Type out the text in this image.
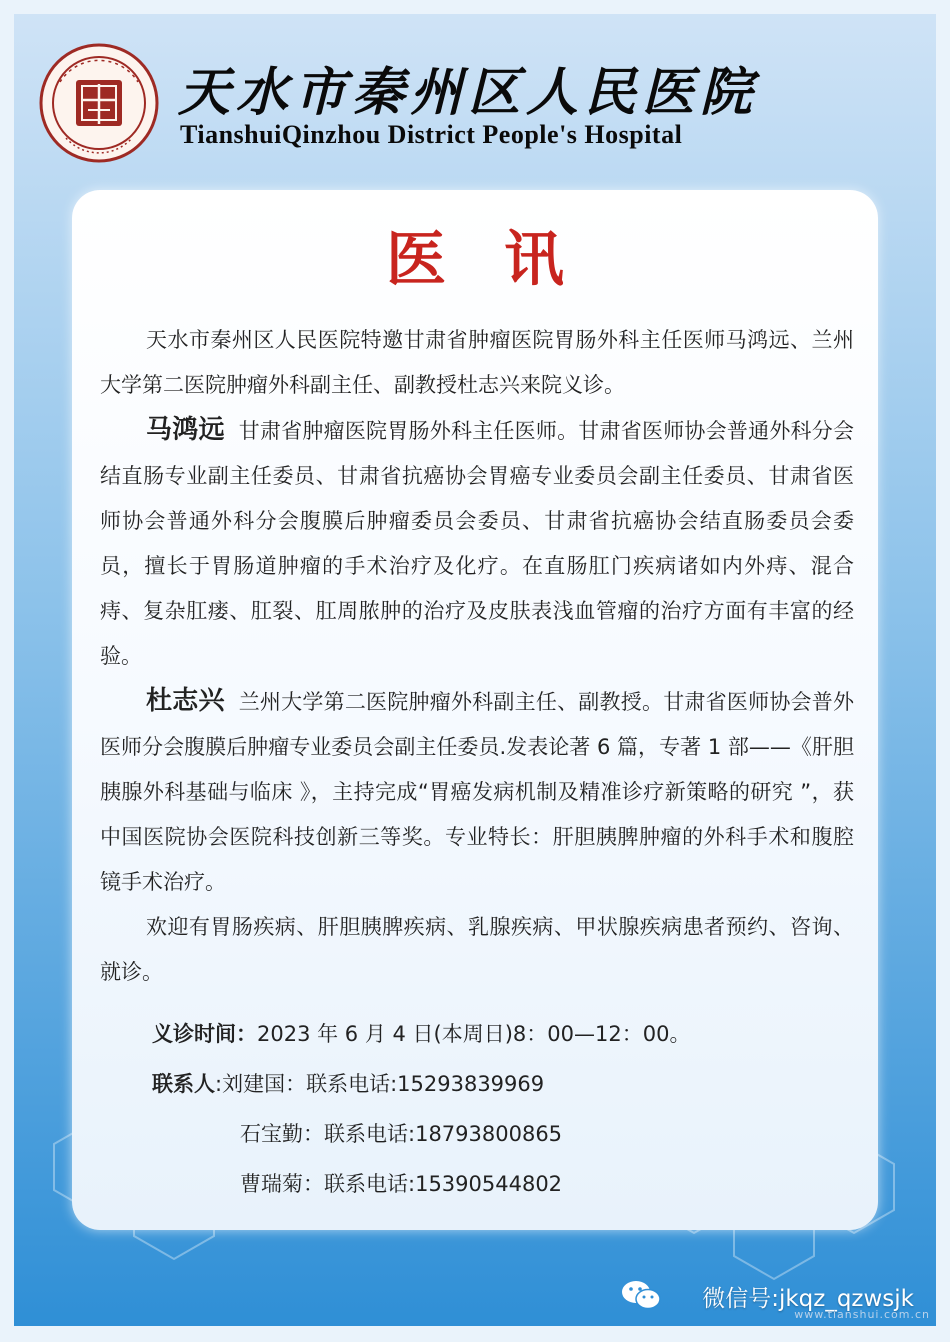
天水市秦州区人民医院
TianshuiQinzhou District People's Hospital
医讯

天水市秦州区人民医院特邀甘肃省肿瘤医院胃肠外科主任医师马鸿远、兰州大学第二医院肿瘤外科副主任、副教授杜志兴来院义诊。

马鸿远 甘肃省肿瘤医院胃肠外科主任医师。甘肃省医师协会普通外科分会结直肠专业副主任委员、甘肃省抗癌协会胃癌专业委员会副主任委员、甘肃省医师协会普通外科分会腹膜后肿瘤委员会委员、甘肃省抗癌协会结直肠委员会委员，擅长于胃肠道肿瘤的手术治疗及化疗。在直肠肛门疾病诸如内外痔、混合痔、复杂肛瘘、肛裂、肛周脓肿的治疗及皮肤表浅血管瘤的治疗方面有丰富的经验。

杜志兴 兰州大学第二医院肿瘤外科副主任、副教授。甘肃省医师协会普外医师分会腹膜后肿瘤专业委员会副主任委员.发表论著 6 篇，专著 1 部——《肝胆胰腺外科基础与临床 》，主持完成“胃癌发病机制及精准诊疗新策略的研究 ”，获中国医院协会医院科技创新三等奖。专业特长：肝胆胰脾肿瘤的外科手术和腹腔镜手术治疗。

欢迎有胃肠疾病、肝胆胰脾疾病、乳腺疾病、甲状腺疾病患者预约、咨询、就诊。

义诊时间：2023 年 6 月 4 日(本周日)8：00—12：00。
联系人:刘建国：联系电话:15293839969
石宝勤：联系电话:18793800865
曹瑞菊：联系电话:15390544802
微信号:jkqz_qzwsjk
www.tianshui.com.cn
